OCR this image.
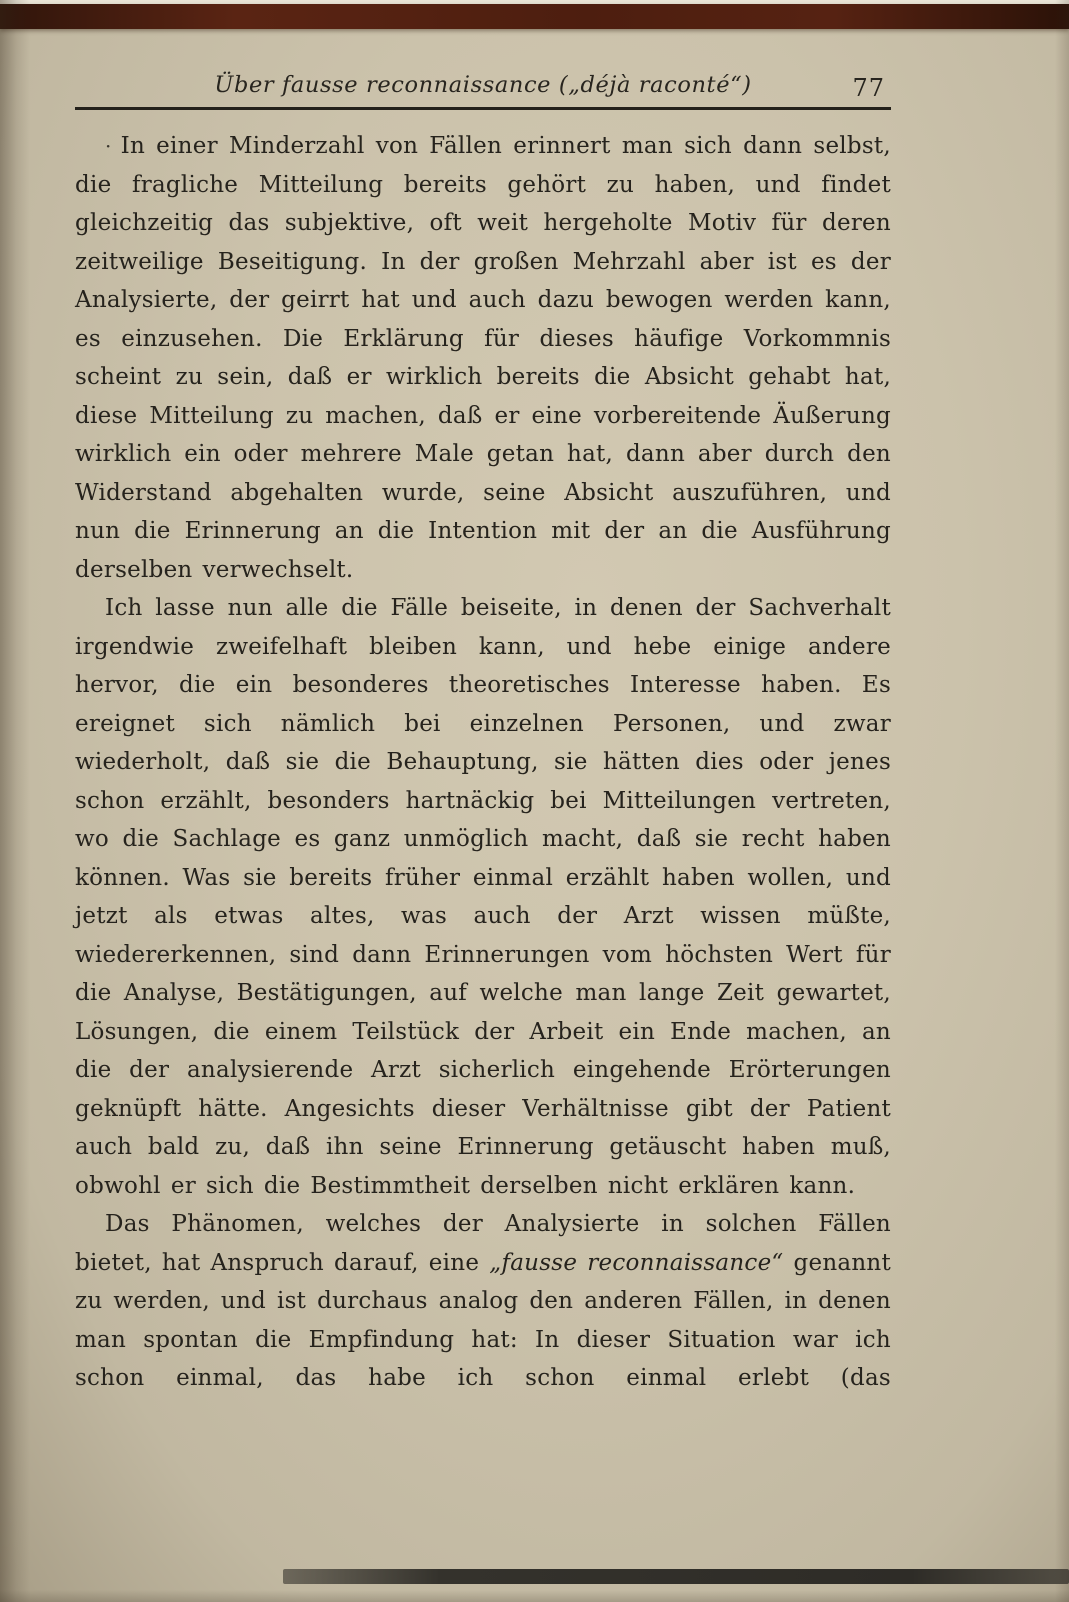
Über fausse reconnaissance („déjà raconté“)	77

· In einer Minderzahl von Fällen erinnert man sich dann selbst, die fragliche Mitteilung bereits gehört zu haben, und findet gleichzeitig das subjektive, oft weit hergeholte Motiv für deren zeitweilige Beseitigung. In der großen Mehrzahl aber ist es der Analysierte, der geirrt hat und auch dazu bewogen werden kann, es einzusehen. Die Erklärung für dieses häufige Vorkommnis scheint zu sein, daß er wirklich bereits die Absicht gehabt hat, diese Mitteilung zu machen, daß er eine vorbereitende Äußerung wirklich ein oder mehrere Male getan hat, dann aber durch den Widerstand abgehalten wurde, seine Absicht auszuführen, und nun die Erinnerung an die Intention mit der an die Ausführung derselben verwechselt.

Ich lasse nun alle die Fälle beiseite, in denen der Sachverhalt irgendwie zweifelhaft bleiben kann, und hebe einige andere hervor, die ein besonderes theoretisches Interesse haben. Es ereignet sich nämlich bei einzelnen Personen, und zwar wiederholt, daß sie die Behauptung, sie hätten dies oder jenes schon erzählt, besonders hartnäckig bei Mitteilungen vertreten, wo die Sachlage es ganz unmöglich macht, daß sie recht haben können. Was sie bereits früher einmal erzählt haben wollen, und jetzt als etwas altes, was auch der Arzt wissen müßte, wiedererkennen, sind dann Erinnerungen vom höchsten Wert für die Analyse, Bestätigungen, auf welche man lange Zeit gewartet, Lösungen, die einem Teilstück der Arbeit ein Ende machen, an die der analysierende Arzt sicherlich eingehende Erörterungen geknüpft hätte. Angesichts dieser Verhältnisse gibt der Patient auch bald zu, daß ihn seine Erinnerung getäuscht haben muß, obwohl er sich die Bestimmtheit derselben nicht erklären kann.

Das Phänomen, welches der Analysierte in solchen Fällen bietet, hat Anspruch darauf, eine „fausse reconnaissance“ genannt zu werden, und ist durchaus analog den anderen Fällen, in denen man spontan die Empfindung hat: In dieser Situation war ich schon einmal, das habe ich schon einmal erlebt (das
